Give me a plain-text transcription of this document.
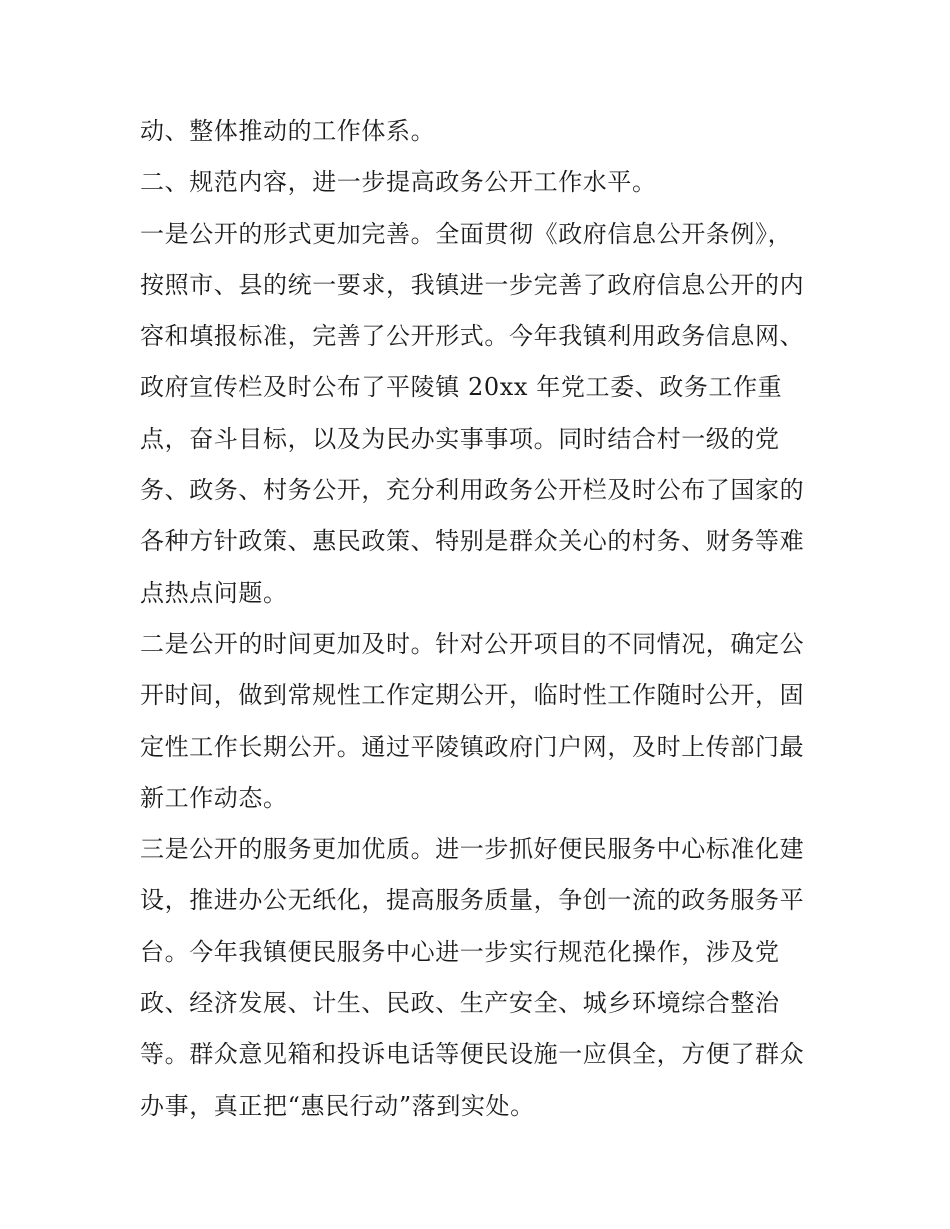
动、整体推动的工作体系。
二、规范内容，进一步提高政务公开工作水平。
一是公开的形式更加完善。全面贯彻《政府信息公开条例》，
按照市、县的统一要求，我镇进一步完善了政府信息公开的内
容和填报标准，完善了公开形式。今年我镇利用政务信息网、
政府宣传栏及时公布了平陵镇 20xx 年党工委、政务工作重
点，奋斗目标，以及为民办实事事项。同时结合村一级的党
务、政务、村务公开，充分利用政务公开栏及时公布了国家的
各种方针政策、惠民政策、特别是群众关心的村务、财务等难
点热点问题。
二是公开的时间更加及时。针对公开项目的不同情况，确定公
开时间，做到常规性工作定期公开，临时性工作随时公开，固
定性工作长期公开。通过平陵镇政府门户网，及时上传部门最
新工作动态。
三是公开的服务更加优质。进一步抓好便民服务中心标准化建
设，推进办公无纸化，提高服务质量，争创一流的政务服务平
台。今年我镇便民服务中心进一步实行规范化操作，涉及党
政、经济发展、计生、民政、生产安全、城乡环境综合整治
等。群众意见箱和投诉电话等便民设施一应俱全，方便了群众
办事，真正把“惠民行动”落到实处。
